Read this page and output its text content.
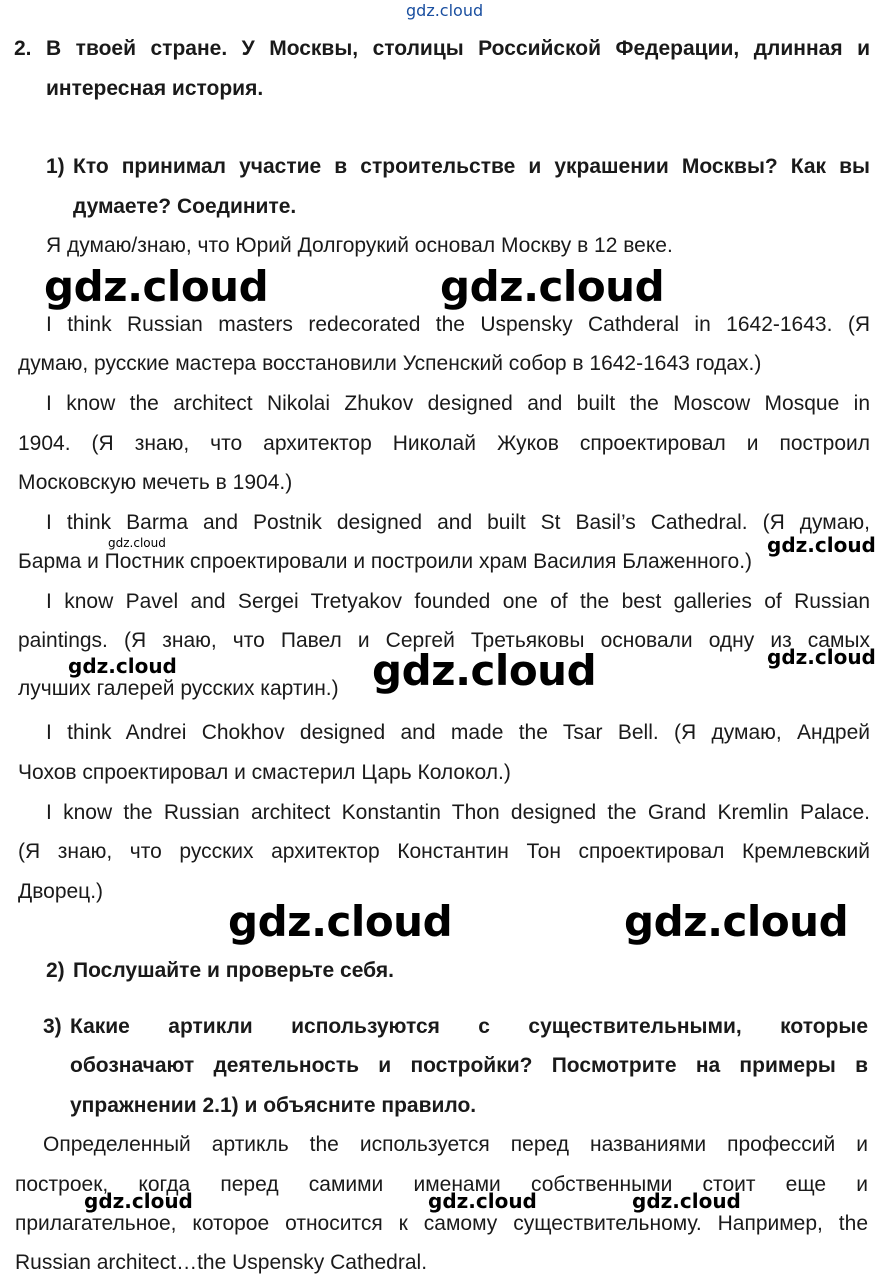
gdz.cloud
2. В твоей стране. У Москвы, столицы Российской Федерации, длинная и
интересная история.
1) Кто принимал участие в строительстве и украшении Москвы? Как вы
думаете? Соедините.
Я думаю/знаю, что Юрий Долгорукий основал Москву в 12 веке.
I think Russian masters redecorated the Uspensky Cathderal in 1642-1643. (Я
думаю, русские мастера восстановили Успенский собор в 1642-1643 годах.)
I know the architect Nikolai Zhukov designed and built the Moscow Mosque in
1904. (Я знаю, что архитектор Николай Жуков спроектировал и построил
Московскую мечеть в 1904.)
I think Barma and Postnik designed and built St Basil’s Cathedral. (Я думаю,
Барма и Постник спроектировали и построили храм Василия Блаженного.)
I know Pavel and Sergei Tretyakov founded one of the best galleries of Russian
paintings. (Я знаю, что Павел и Сергей Третьяковы основали одну из самых
лучших галерей русских картин.)
I think Andrei Chokhov designed and made the Tsar Bell. (Я думаю, Андрей
Чохов спроектировал и смастерил Царь Колокол.)
I know the Russian architect Konstantin Thon designed the Grand Kremlin Palace.
(Я знаю, что русских архитектор Константин Тон спроектировал Кремлевский
Дворец.)
2) Послушайте и проверьте себя.
3) Какие артикли используются с существительными, которые
обозначают деятельность и постройки? Посмотрите на примеры в
упражнении 2.1) и объясните правило.
Определенный артикль the используется перед названиями профессий и
построек, когда перед самими именами собственными стоит еще и
прилагательное, которое относится к самому существительному. Например, the
Russian architect…the Uspensky Cathedral.
gdz.cloud	gdz.cloud
gdz.cloud	gdz.cloud
gdz.cloud
gdz.cloud	gdz.cloud
gdz.cloud	gdz.cloud
gdz.cloud	gdz.cloud	gdz.cloud
